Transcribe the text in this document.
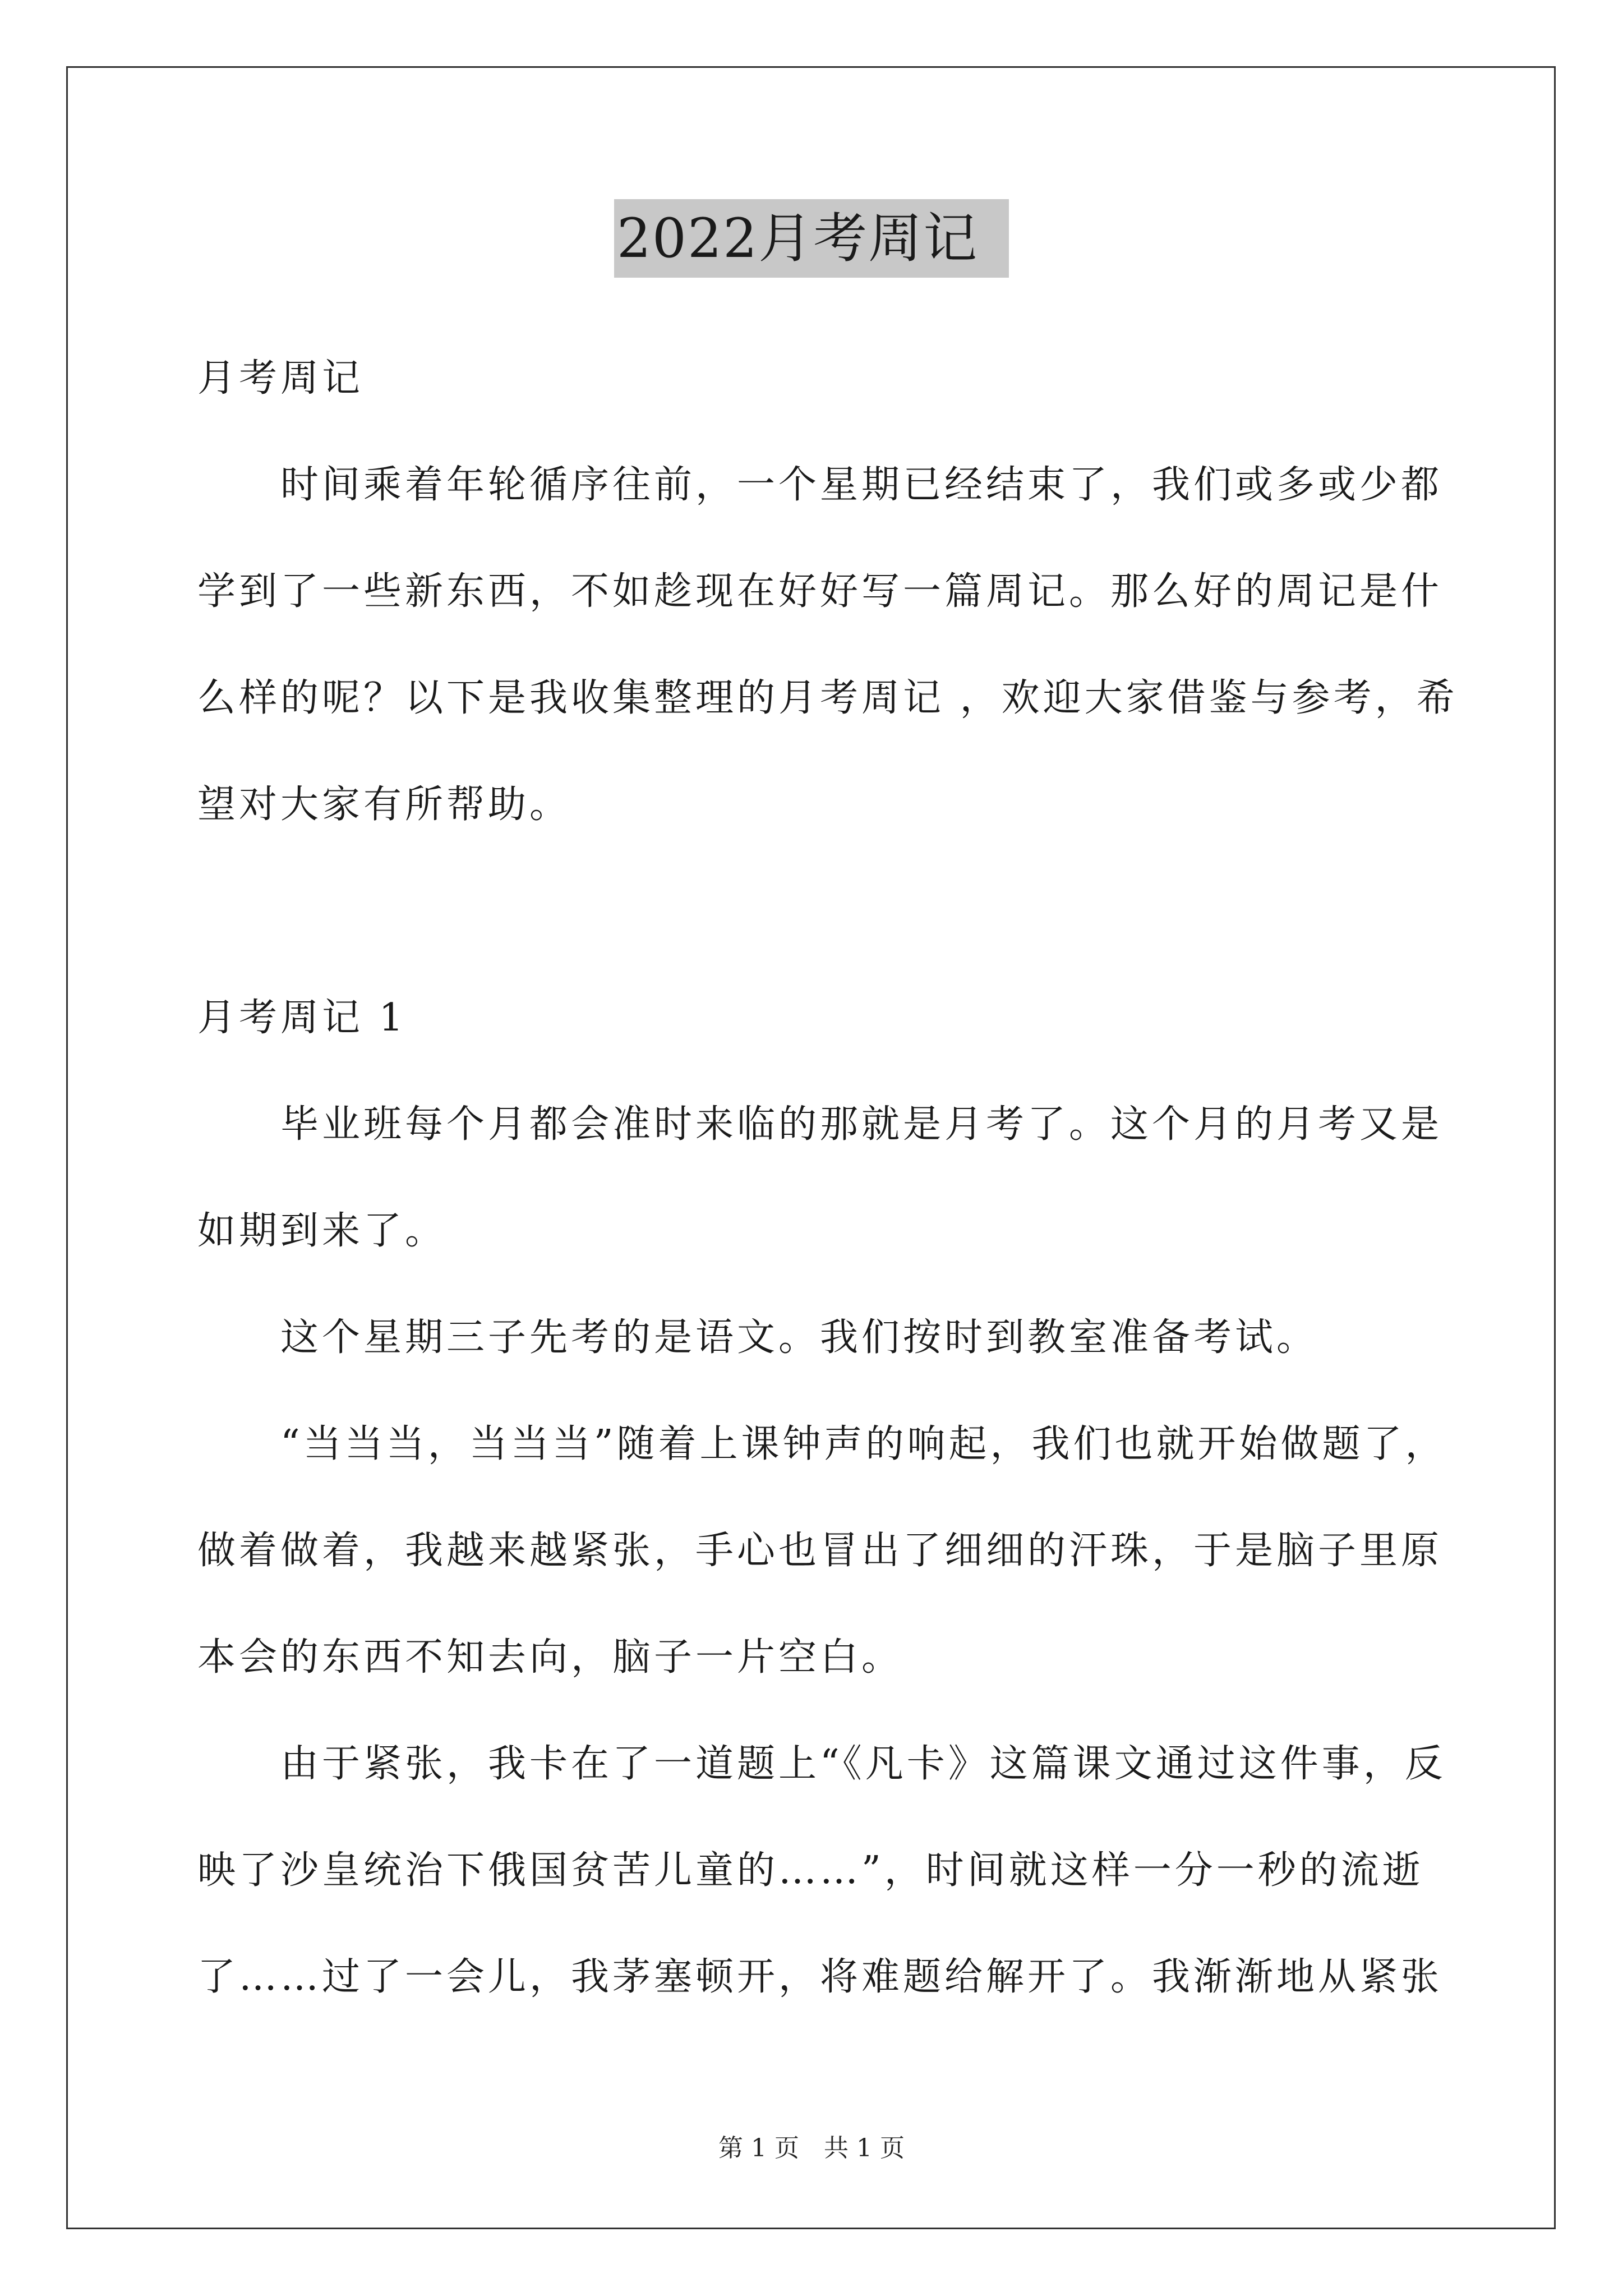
2022月考周记
月考周记
时间乘着年轮循序往前，一个星期已经结束了，我们或多或少都
学到了一些新东西，不如趁现在好好写一篇周记。那么好的周记是什
么样的呢？以下是我收集整理的月考周记 ，欢迎大家借鉴与参考，希
望对大家有所帮助。
月考周记 1
毕业班每个月都会准时来临的那就是月考了。这个月的月考又是
如期到来了。
这个星期三子先考的是语文。我们按时到教室准备考试。
“当当当，当当当”随着上课钟声的响起，我们也就开始做题了，
做着做着，我越来越紧张，手心也冒出了细细的汗珠，于是脑子里原
本会的东西不知去向，脑子一片空白。
由于紧张，我卡在了一道题上“《凡卡》这篇课文通过这件事，反
映了沙皇统治下俄国贫苦儿童的……”，时间就这样一分一秒的流逝
了……过了一会儿，我茅塞顿开，将难题给解开了。我渐渐地从紧张
第 1 页　共 1 页
